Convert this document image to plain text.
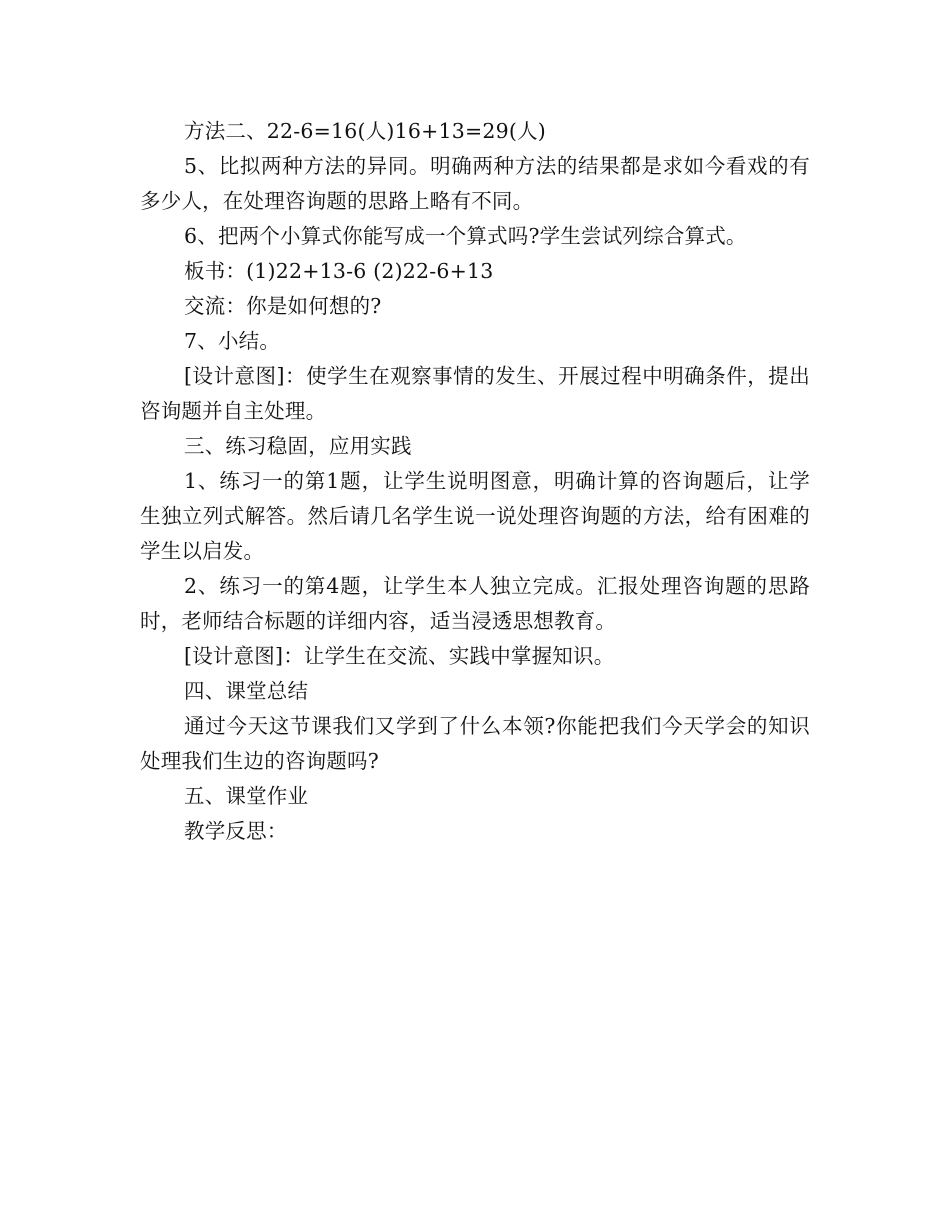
方法二、22-6=16(人)16+13=29(人)

5、比拟两种方法的异同。明确两种方法的结果都是求如今看戏的有多少人，在处理咨询题的思路上略有不同。

6、把两个小算式你能写成一个算式吗?学生尝试列综合算式。

板书：(1)22+13-6 (2)22-6+13

交流：你是如何想的?

7、小结。

[设计意图]：使学生在观察事情的发生、开展过程中明确条件，提出咨询题并自主处理。

三、练习稳固，应用实践

1、练习一的第1题，让学生说明图意，明确计算的咨询题后，让学生独立列式解答。然后请几名学生说一说处理咨询题的方法，给有困难的学生以启发。

2、练习一的第4题，让学生本人独立完成。汇报处理咨询题的思路时，老师结合标题的详细内容，适当浸透思想教育。

[设计意图]：让学生在交流、实践中掌握知识。

四、课堂总结

通过今天这节课我们又学到了什么本领?你能把我们今天学会的知识处理我们生边的咨询题吗?

五、课堂作业

教学反思：
